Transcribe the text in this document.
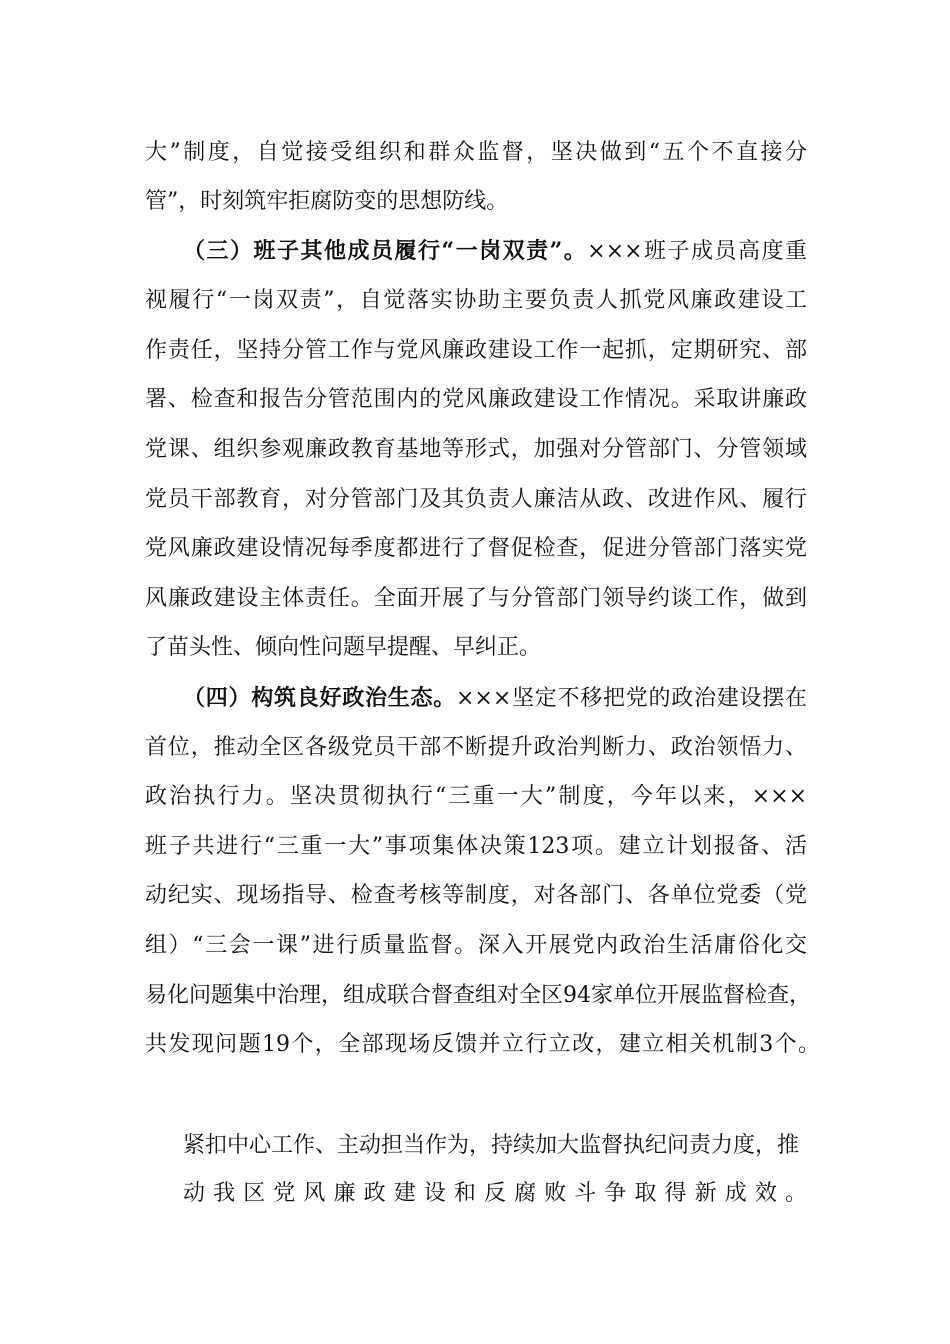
大”制度，自觉接受组织和群众监督，坚决做到“五个不直接分
管”，时刻筑牢拒腐防变的思想防线。
（三）班子其他成员履行“一岗双责”。×××班子成员高度重
视履行“一岗双责”，自觉落实协助主要负责人抓党风廉政建设工
作责任，坚持分管工作与党风廉政建设工作一起抓，定期研究、部
署、检查和报告分管范围内的党风廉政建设工作情况。采取讲廉政
党课、组织参观廉政教育基地等形式，加强对分管部门、分管领域
党员干部教育，对分管部门及其负责人廉洁从政、改进作风、履行
党风廉政建设情况每季度都进行了督促检查，促进分管部门落实党
风廉政建设主体责任。全面开展了与分管部门领导约谈工作，做到
了苗头性、倾向性问题早提醒、早纠正。
（四）构筑良好政治生态。×××坚定不移把党的政治建设摆在
首位，推动全区各级党员干部不断提升政治判断力、政治领悟力、
政治执行力。坚决贯彻执行“三重一大”制度，今年以来，×××
班子共进行“三重一大”事项集体决策123项。建立计划报备、活
动纪实、现场指导、检查考核等制度，对各部门、各单位党委（党
组）“三会一课”进行质量监督。深入开展党内政治生活庸俗化交
易化问题集中治理，组成联合督查组对全区94家单位开展监督检查，
共发现问题19个，全部现场反馈并立行立改，建立相关机制3个。
紧扣中心工作、主动担当作为，持续加大监督执纪问责力度，推
动我区党风廉政建设和反腐败斗争取得新成效。
